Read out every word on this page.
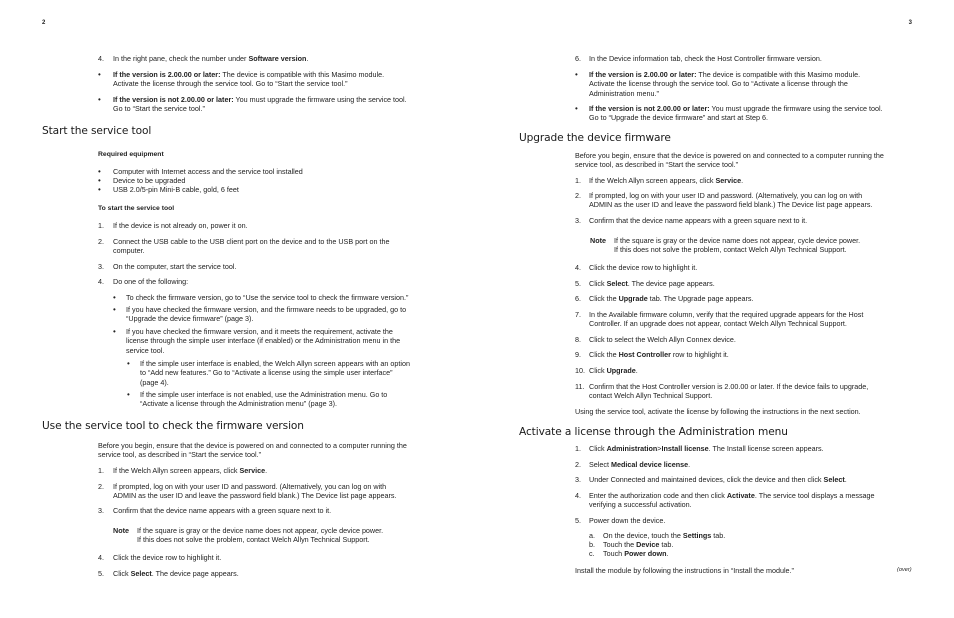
2
4. In the right pane, check the number under Software version.
• If the version is 2.00.00 or later: The device is compatible with this Masimo module.
Activate the license through the service tool. Go to “Start the service tool.”
• If the version is not 2.00.00 or later: You must upgrade the firmware using the service tool.
Go to “Start the service tool.”
Start the service tool
Required equipment
• Computer with Internet access and the service tool installed
• Device to be upgraded
• USB 2.0/5-pin Mini-B cable, gold, 6 feet
To start the service tool
1. If the device is not already on, power it on.
2. Connect the USB cable to the USB client port on the device and to the USB port on the
computer.
3. On the computer, start the service tool.
4. Do one of the following:
• To check the firmware version, go to “Use the service tool to check the firmware version.”
• If you have checked the firmware version, and the firmware needs to be upgraded, go to
“Upgrade the device firmware” (page 3).
• If you have checked the firmware version, and it meets the requirement, activate the
license through the simple user interface (if enabled) or the Administration menu in the
service tool.
• If the simple user interface is enabled, the Welch Allyn screen appears with an option
to “Add new features.” Go to “Activate a license using the simple user interface”
(page 4).
• If the simple user interface is not enabled, use the Administration menu. Go to
“Activate a license through the Administration menu” (page 3).
Use the service tool to check the firmware version
Before you begin, ensure that the device is powered on and connected to a computer running the
service tool, as described in “Start the service tool.”
1. If the Welch Allyn screen appears, click Service.
2. If prompted, log on with your user ID and password. (Alternatively, you can log on with
ADMIN as the user ID and leave the password field blank.) The Device list page appears.
3. Confirm that the device name appears with a green square next to it.
Note If the square is gray or the device name does not appear, cycle device power.
If this does not solve the problem, contact Welch Allyn Technical Support.
4. Click the device row to highlight it.
5. Click Select. The device page appears.
3
6. In the Device information tab, check the Host Controller firmware version.
• If the version is 2.00.00 or later: The device is compatible with this Masimo module.
Activate the license through the service tool. Go to “Activate a license through the
Administration menu.”
• If the version is not 2.00.00 or later: You must upgrade the firmware using the service tool.
Go to “Upgrade the device firmware” and start at Step 6.
Upgrade the device firmware
Before you begin, ensure that the device is powered on and connected to a computer running the
service tool, as described in “Start the service tool.”
1. If the Welch Allyn screen appears, click Service.
2. If prompted, log on with your user ID and password. (Alternatively, you can log on with
ADMIN as the user ID and leave the password field blank.) The Device list page appears.
3. Confirm that the device name appears with a green square next to it.
Note If the square is gray or the device name does not appear, cycle device power.
If this does not solve the problem, contact Welch Allyn Technical Support.
4. Click the device row to highlight it.
5. Click Select. The device page appears.
6. Click the Upgrade tab. The Upgrade page appears.
7. In the Available firmware column, verify that the required upgrade appears for the Host
Controller. If an upgrade does not appear, contact Welch Allyn Technical Support.
8. Click to select the Welch Allyn Connex device.
9. Click the Host Controller row to highlight it.
10. Click Upgrade.
11. Confirm that the Host Controller version is 2.00.00 or later. If the device fails to upgrade,
contact Welch Allyn Technical Support.
Using the service tool, activate the license by following the instructions in the next section.
Activate a license through the Administration menu
1. Click Administration>Install license. The Install license screen appears.
2. Select Medical device license.
3. Under Connected and maintained devices, click the device and then click Select.
4. Enter the authorization code and then click Activate. The service tool displays a message
verifying a successful activation.
5. Power down the device.
a. On the device, touch the Settings tab.
b. Touch the Device tab.
c. Touch Power down.
Install the module by following the instructions in “Install the module.”	(over)
